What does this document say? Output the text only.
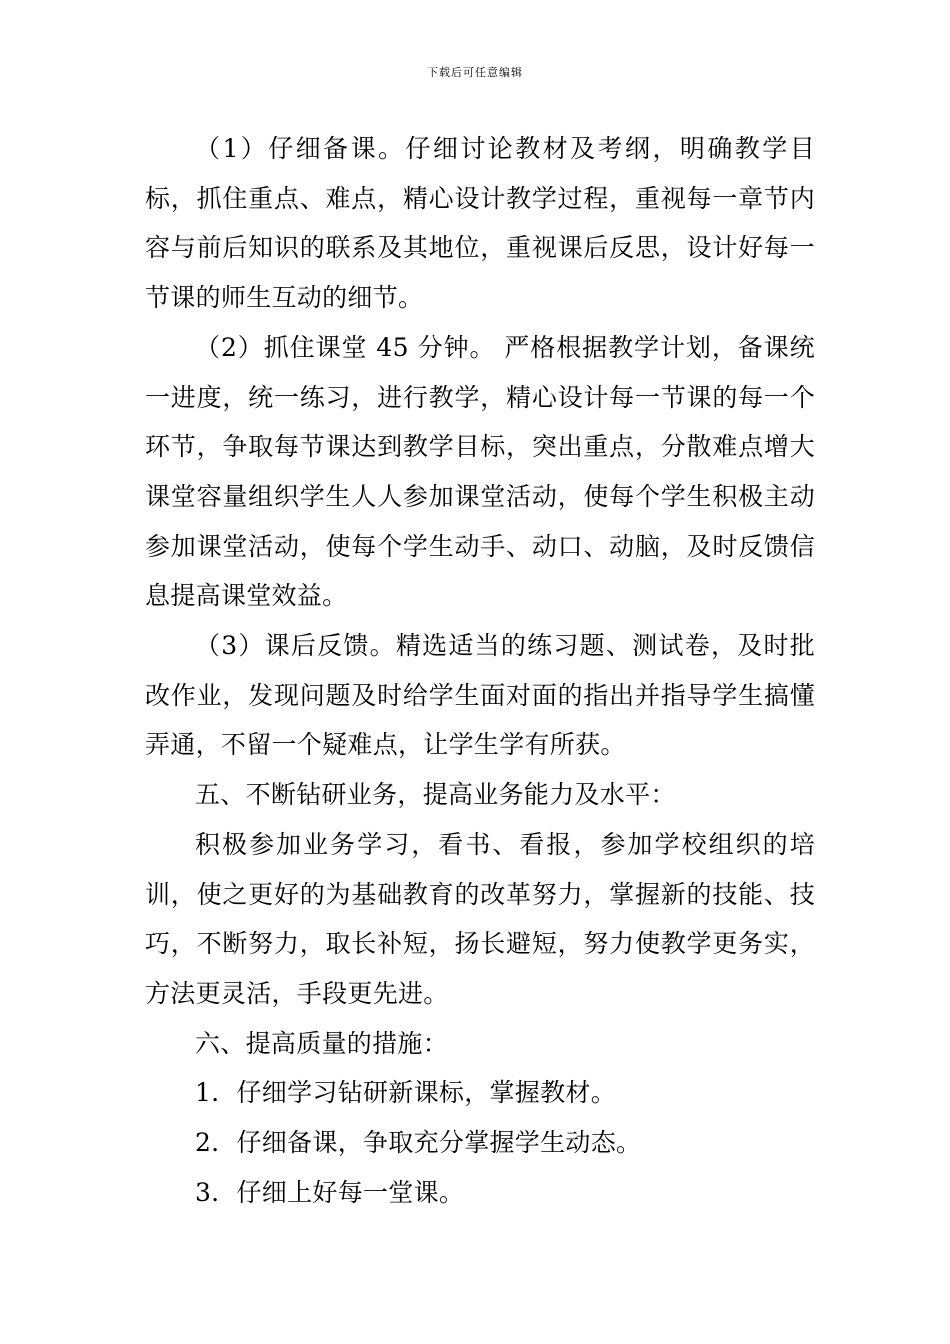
下载后可任意编辑

（1）仔细备课。仔细讨论教材及考纲，明确教学目标，抓住重点、难点，精心设计教学过程，重视每一章节内容与前后知识的联系及其地位，重视课后反思，设计好每一节课的师生互动的细节。

（2）抓住课堂 45 分钟。 严格根据教学计划，备课统一进度，统一练习，进行教学，精心设计每一节课的每一个环节，争取每节课达到教学目标，突出重点，分散难点增大课堂容量组织学生人人参加课堂活动，使每个学生积极主动参加课堂活动，使每个学生动手、动口、动脑，及时反馈信息提高课堂效益。

（3）课后反馈。精选适当的练习题、测试卷，及时批改作业，发现问题及时给学生面对面的指出并指导学生搞懂弄通，不留一个疑难点，让学生学有所获。

五、不断钻研业务，提高业务能力及水平：

积极参加业务学习，看书、看报，参加学校组织的培训，使之更好的为基础教育的改革努力，掌握新的技能、技巧，不断努力，取长补短，扬长避短，努力使教学更务实，方法更灵活，手段更先进。

六、提高质量的措施：

1．仔细学习钻研新课标，掌握教材。

2．仔细备课，争取充分掌握学生动态。

3．仔细上好每一堂课。
